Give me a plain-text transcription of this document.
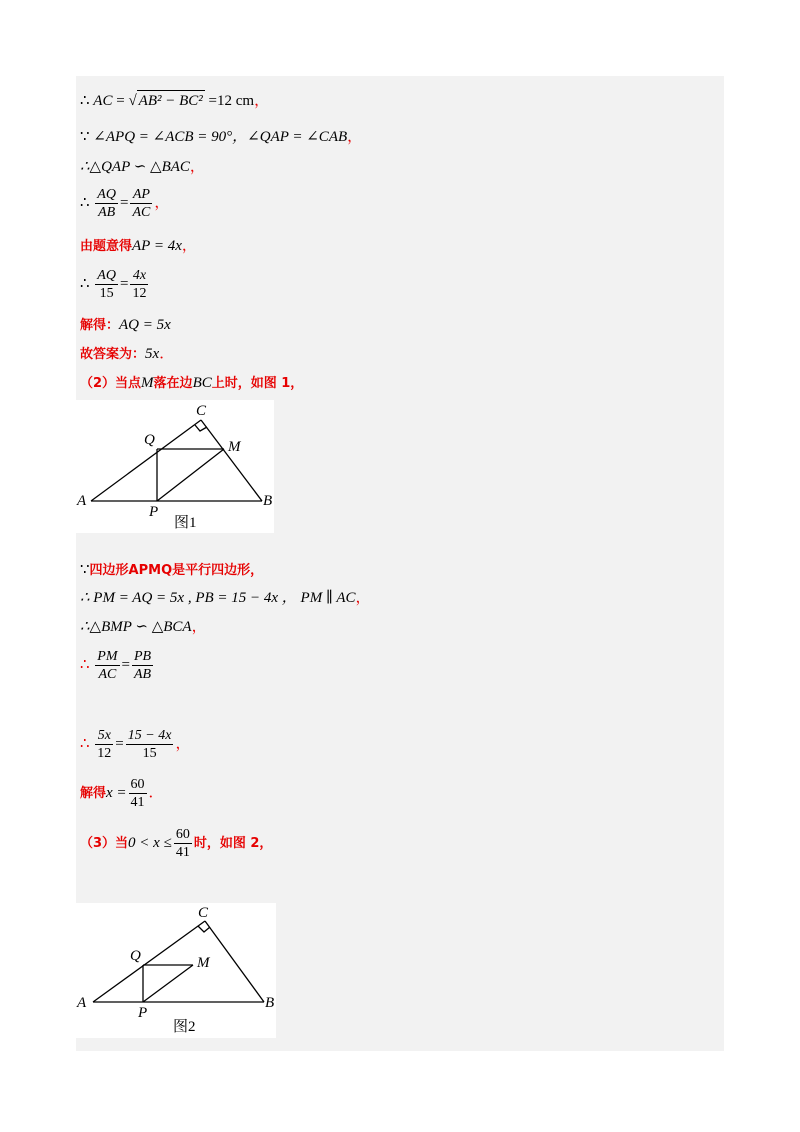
∴ AC = √ AB² − BC² =12 cm，
∵ ∠APQ = ∠ACB = 90°，∠QAP = ∠CAB，
∴△QAP ∽ △BAC，
∴ $\frac{AQ}{AB} = \frac{AP}{AC}$ ，
由题意得AP = 4x，
∴ $\frac{AQ}{15} = \frac{4x}{12}$
解得：AQ = 5x
故答案为：5x．
（2）当点M落在边BC上时，如图 1，
C
Q	M
A
P
B
图1
∵四边形APMQ是平行四边形，
∴ PM = AQ = 5x , PB = 15 − 4x ， PM ∥ AC，
∴△BMP ∽ △BCA，
∴ $\frac{PM}{AC} = \frac{PB}{AB}$
∴ $\frac{5x}{12} = \frac{15 - 4x}{15}$ ，
解得$x = \frac{60}{41}$ ．
（3）当$0 < x \le \frac{60}{41}$ 时，如图 2，
C
Q	M
A
P
B
图2
